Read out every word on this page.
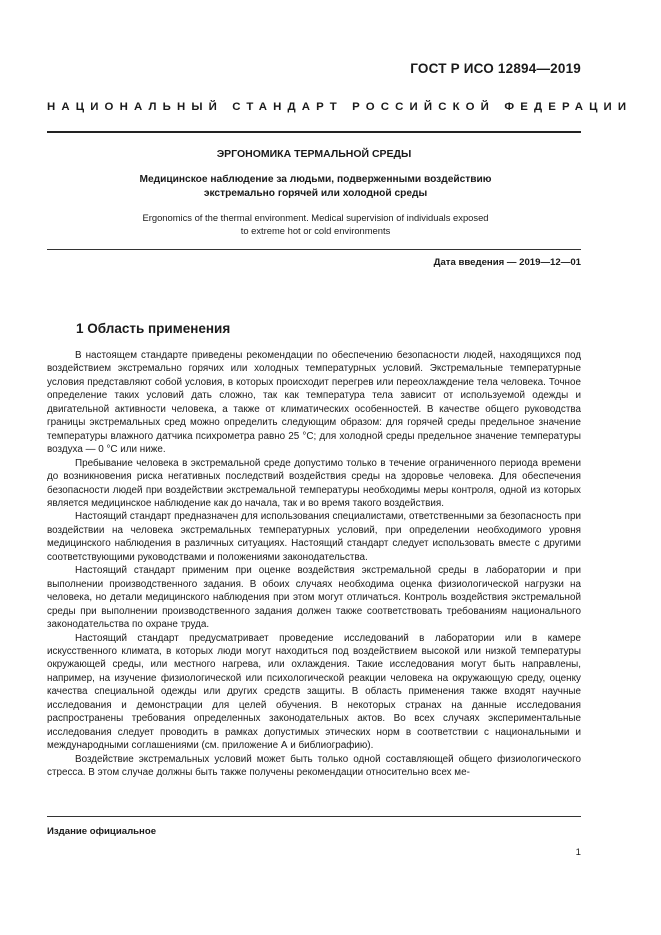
ГОСТ Р ИСО 12894—2019
НАЦИОНАЛЬНЫЙ СТАНДАРТ РОССИЙСКОЙ ФЕДЕРАЦИИ
ЭРГОНОМИКА ТЕРМАЛЬНОЙ СРЕДЫ
Медицинское наблюдение за людьми, подверженными воздействию
экстремально горячей или холодной среды
Ergonomics of the thermal environment. Medical supervision of individuals exposed
to extreme hot or cold environments
Дата введения — 2019—12—01
1 Область применения

В настоящем стандарте приведены рекомендации по обеспечению безопасности людей, находящихся под воздействием экстремально горячих или холодных температурных условий. Экстремальные температурные условия представляют собой условия, в которых происходит перегрев или переохлаждение тела человека. Точное определение таких условий дать сложно, так как температура тела зависит от используемой одежды и двигательной активности человека, а также от климатических особенностей. В качестве общего руководства границы экстремальных сред можно определить следующим образом: для горячей среды предельное значение температуры влажного датчика психрометра равно 25 °С; для холодной среды предельное значение температуры воздуха — 0 °С или ниже.

Пребывание человека в экстремальной среде допустимо только в течение ограниченного периода времени до возникновения риска негативных последствий воздействия среды на здоровье человека. Для обеспечения безопасности людей при воздействии экстремальной температуры необходимы меры контроля, одной из которых является медицинское наблюдение как до начала, так и во время такого воздействия.

Настоящий стандарт предназначен для использования специалистами, ответственными за безопасность при воздействии на человека экстремальных температурных условий, при определении необходимого уровня медицинского наблюдения в различных ситуациях. Настоящий стандарт следует использовать вместе с другими соответствующими руководствами и положениями законодательства.

Настоящий стандарт применим при оценке воздействия экстремальной среды в лаборатории и при выполнении производственного задания. В обоих случаях необходима оценка физиологической нагрузки на человека, но детали медицинского наблюдения при этом могут отличаться. Контроль воздействия экстремальной среды при выполнении производственного задания должен также соответствовать требованиям национального законодательства по охране труда.

Настоящий стандарт предусматривает проведение исследований в лаборатории или в камере искусственного климата, в которых люди могут находиться под воздействием высокой или низкой температуры окружающей среды, или местного нагрева, или охлаждения. Такие исследования могут быть направлены, например, на изучение физиологической или психологической реакции человека на окружающую среду, оценку качества специальной одежды или других средств защиты. В область применения также входят научные исследования и демонстрации для целей обучения. В некоторых странах на данные исследования распространены требования определенных законодательных актов. Во всех случаях экспериментальные исследования следует проводить в рамках допустимых этических норм в соответствии с национальными и международными соглашениями (см. приложение А и библиографию).

Воздействие экстремальных условий может быть только одной составляющей общего физиологического стресса. В этом случае должны быть также получены рекомендации относительно всех ме-

Издание официальное
1
